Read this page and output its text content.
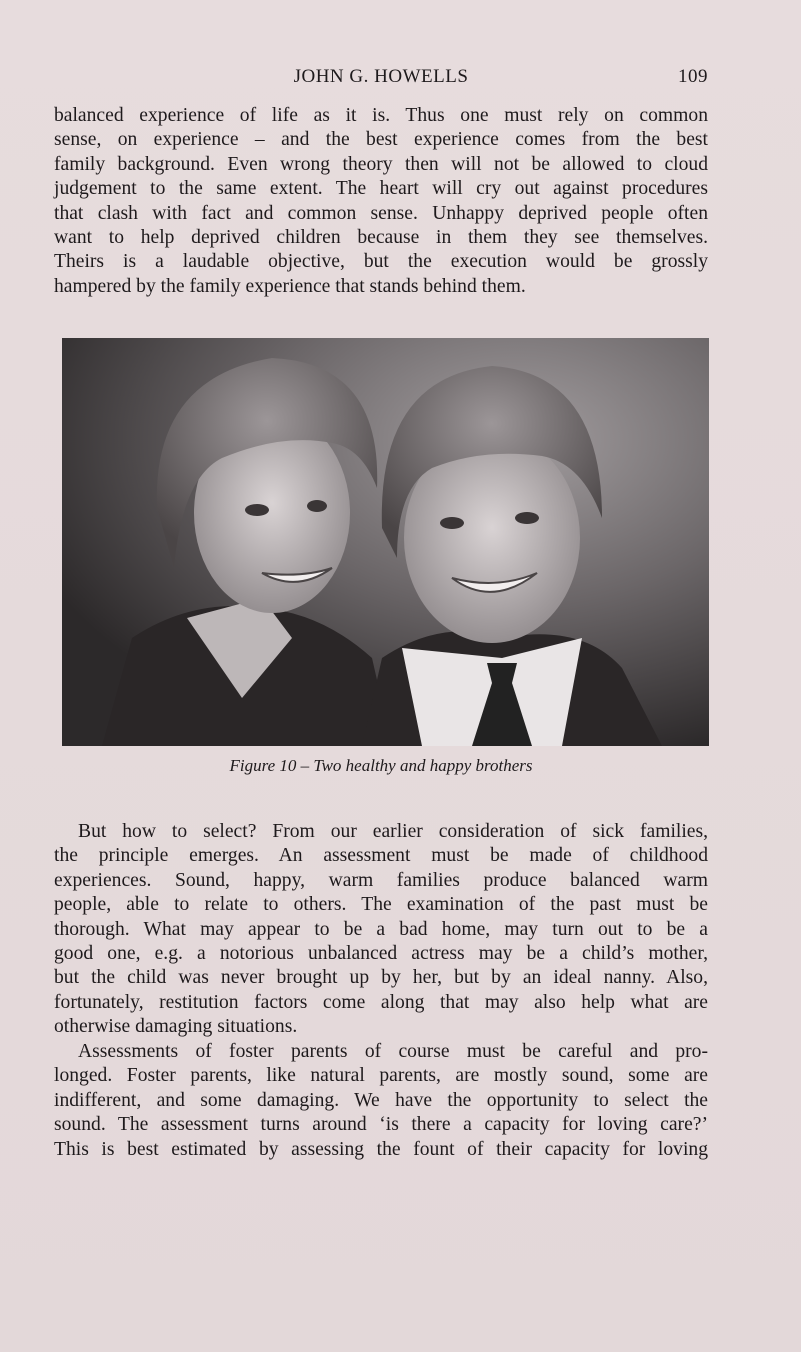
JOHN G. HOWELLS	109
balanced experience of life as it is. Thus one must rely on common
sense, on experience – and the best experience comes from the best
family background. Even wrong theory then will not be allowed to cloud
judgement to the same extent. The heart will cry out against procedures
that clash with fact and common sense. Unhappy deprived people often
want to help deprived children because in them they see themselves.
Theirs is a laudable objective, but the execution would be grossly
hampered by the family experience that stands behind them.
Figure 10 – Two healthy and happy brothers
But how to select? From our earlier consideration of sick families,
the principle emerges. An assessment must be made of childhood
experiences. Sound, happy, warm families produce balanced warm
people, able to relate to others. The examination of the past must be
thorough. What may appear to be a bad home, may turn out to be a
good one, e.g. a notorious unbalanced actress may be a child’s mother,
but the child was never brought up by her, but by an ideal nanny. Also,
fortunately, restitution factors come along that may also help what are
otherwise damaging situations.
Assessments of foster parents of course must be careful and pro-
longed. Foster parents, like natural parents, are mostly sound, some are
indifferent, and some damaging. We have the opportunity to select the
sound. The assessment turns around ‘is there a capacity for loving care?’
This is best estimated by assessing the fount of their capacity for loving
